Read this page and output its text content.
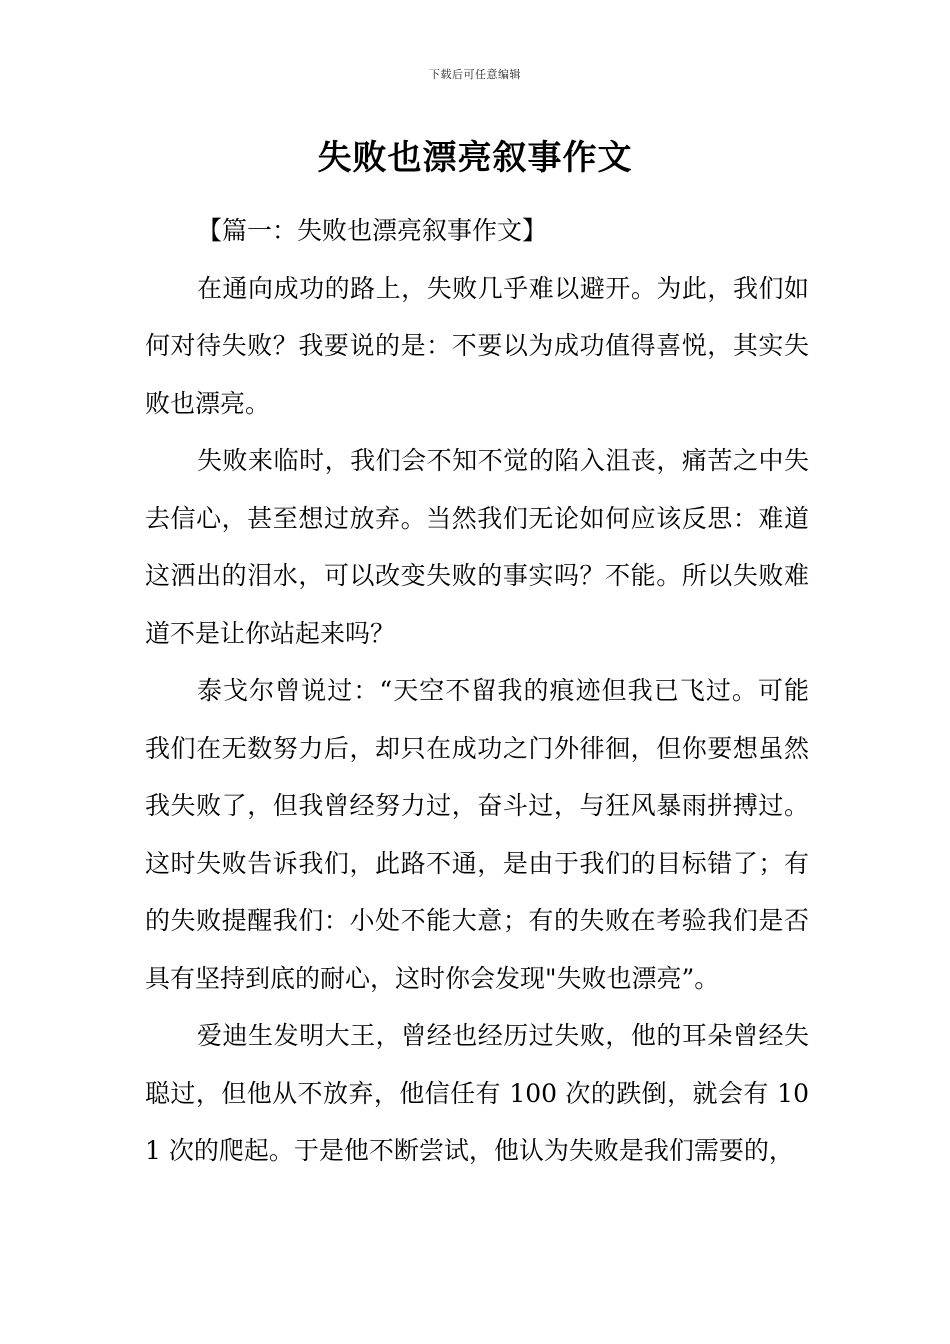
下载后可任意编辑
失败也漂亮叙事作文

【篇一：失败也漂亮叙事作文】

在通向成功的路上，失败几乎难以避开。为此，我们如何对待失败？我要说的是：不要以为成功值得喜悦，其实失败也漂亮。

失败来临时，我们会不知不觉的陷入沮丧，痛苦之中失去信心，甚至想过放弃。当然我们无论如何应该反思：难道这洒出的泪水，可以改变失败的事实吗？不能。所以失败难道不是让你站起来吗？

泰戈尔曾说过：“天空不留我的痕迹但我已飞过。可能我们在无数努力后，却只在成功之门外徘徊，但你要想虽然我失败了，但我曾经努力过，奋斗过，与狂风暴雨拼搏过。这时失败告诉我们，此路不通，是由于我们的目标错了；有的失败提醒我们：小处不能大意；有的失败在考验我们是否具有坚持到底的耐心，这时你会发现"失败也漂亮”。

爱迪生发明大王，曾经也经历过失败，他的耳朵曾经失聪过，但他从不放弃，他信任有 100 次的跌倒，就会有 101 次的爬起。于是他不断尝试，他认为失败是我们需要的，
